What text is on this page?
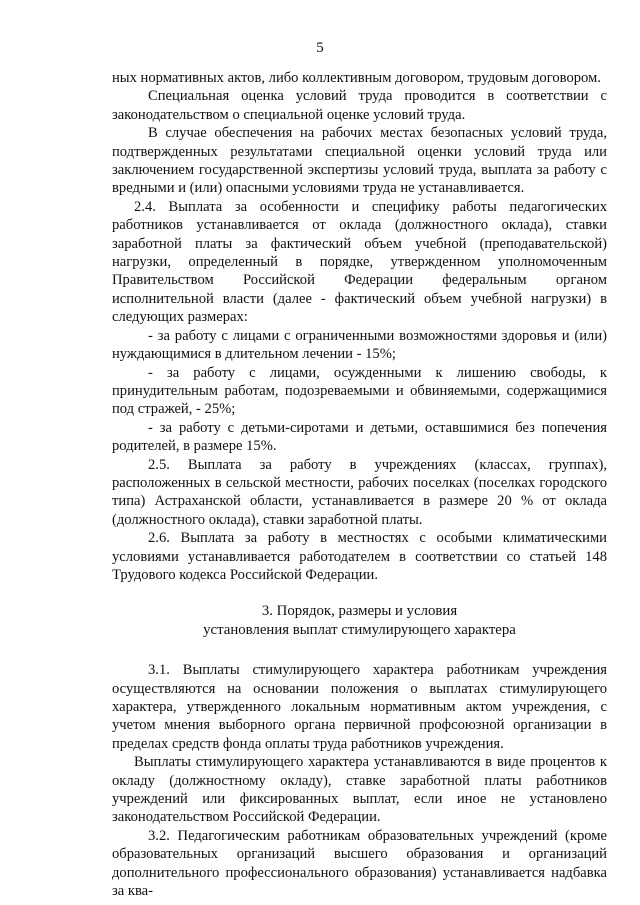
5

ных нормативных актов, либо коллективным договором, трудовым договором.

Специальная оценка условий труда проводится в соответствии с законодательством о специальной оценке условий труда.

В случае обеспечения на рабочих местах безопасных условий труда, подтвержденных результатами специальной оценки условий труда или заключением государственной экспертизы условий труда, выплата за работу с вредными и (или) опасными условиями труда не устанавливается.

2.4. Выплата за особенности и специфику работы педагогических работников устанавливается от оклада (должностного оклада), ставки заработной платы за фактический объем учебной (преподавательской) нагрузки, определенный в порядке, утвержденном уполномоченным Правительством Российской Федерации федеральным органом исполнительной власти (далее - фактический объем учебной нагрузки) в следующих размерах:

- за работу с лицами с ограниченными возможностями здоровья и (или) нуждающимися в длительном лечении - 15%;

- за работу с лицами, осужденными к лишению свободы, к принудительным работам, подозреваемыми и обвиняемыми, содержащимися под стражей, - 25%;

- за работу с детьми-сиротами и детьми, оставшимися без попечения родителей, в размере 15%.

2.5. Выплата за работу в учреждениях (классах, группах), расположенных в сельской местности, рабочих поселках (поселках городского типа) Астраханской области, устанавливается в размере 20 % от оклада (должностного оклада), ставки заработной платы.

2.6. Выплата за работу в местностях с особыми климатическими условиями устанавливается работодателем в соответствии со статьей 148 Трудового кодекса Российской Федерации.

3. Порядок, размеры и условия
установления выплат стимулирующего характера

3.1. Выплаты стимулирующего характера работникам учреждения осуществляются на основании положения о выплатах стимулирующего характера, утвержденного локальным нормативным актом учреждения, с учетом мнения выборного органа первичной профсоюзной организации в пределах средств фонда оплаты труда работников учреждения.

Выплаты стимулирующего характера устанавливаются в виде процентов к окладу (должностному окладу), ставке заработной платы работников учреждений или фиксированных выплат, если иное не установлено законодательством Российской Федерации.

3.2. Педагогическим работникам образовательных учреждений (кроме образовательных организаций высшего образования и организаций дополнительного профессионального образования) устанавливается надбавка за ква-
